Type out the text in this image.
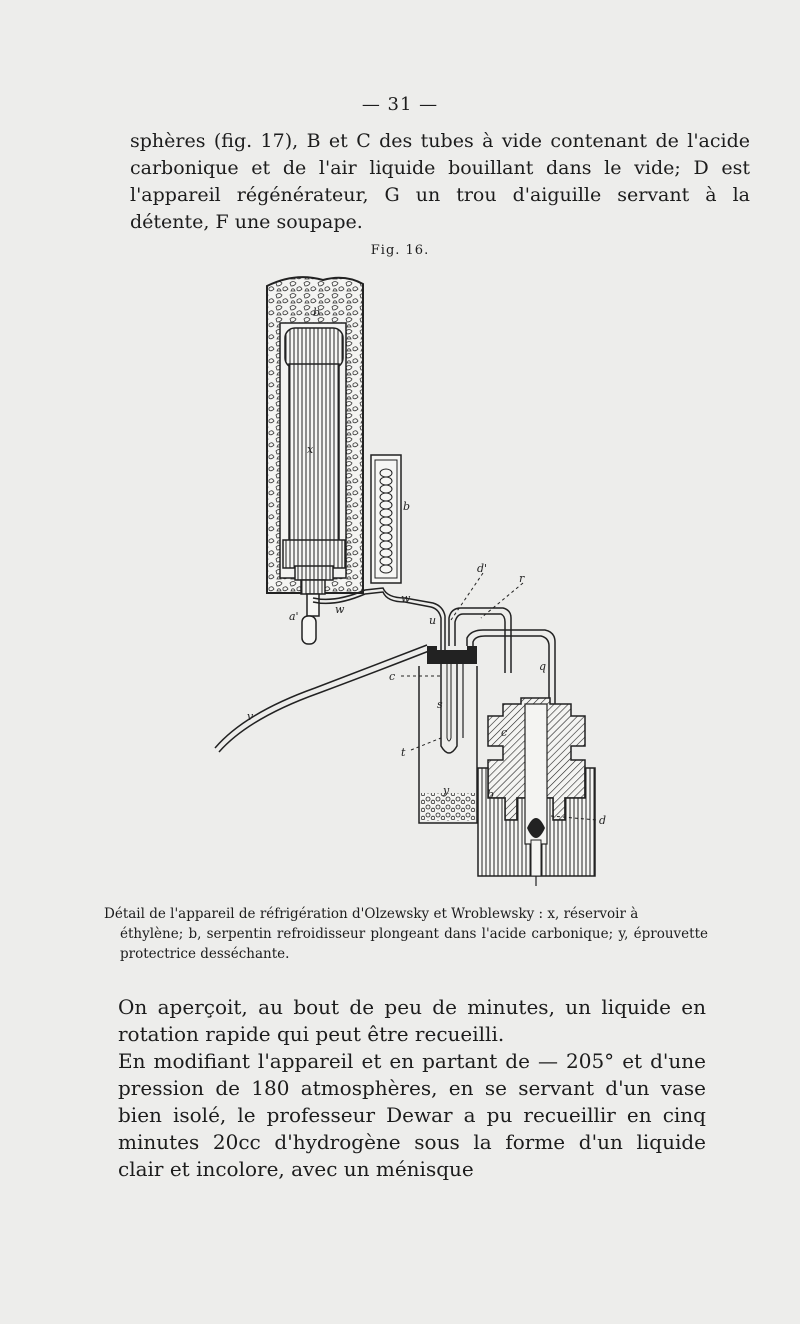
— 31 —

sphères (fig. 17), B et C des tubes à vide contenant de l'acide carbonique et de l'air liquide bouillant dans le vide; D est l'appareil régénérateur, G un trou d'aiguille servant à la détente, F une soupape.

Fig. 16.
b
x
b
a'
w
w
d'
r
u
c
q
v
s
t
c
b
d
y
Détail de l'appareil de réfrigération d'Olzewsky et Wroblewsky : x, réservoir à
éthylène; b, serpentin refroidisseur plongeant dans l'acide carbonique; y, éprouvette protectrice desséchante.

On aperçoit, au bout de peu de minutes, un liquide en rotation rapide qui peut être recueilli.

En modifiant l'appareil et en partant de — 205° et d'une pression de 180 atmosphères, en se servant d'un vase bien isolé, le professeur Dewar a pu recueillir en cinq minutes 20cc d'hydrogène sous la forme d'un liquide clair et incolore, avec un ménisque
